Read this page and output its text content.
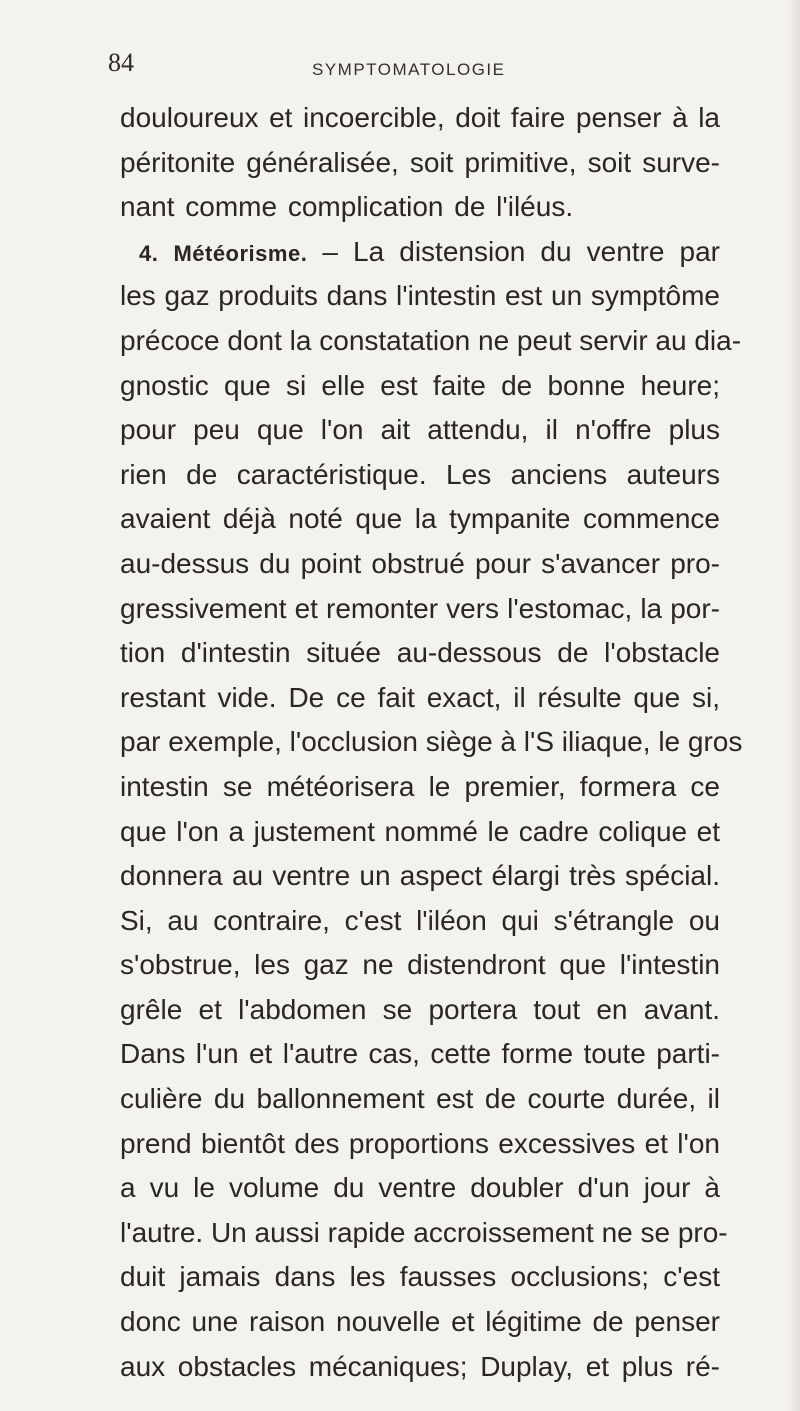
84	SYMPTOMATOLOGIE
douloureux et incoercible, doit faire penser à la
péritonite généralisée, soit primitive, soit surve-
nant comme complication de l'iléus.
4. Météorisme. – La distension du ventre par
les gaz produits dans l'intestin est un symptôme
précoce dont la constatation ne peut servir au dia-
gnostic que si elle est faite de bonne heure;
pour peu que l'on ait attendu, il n'offre plus
rien de caractéristique. Les anciens auteurs
avaient déjà noté que la tympanite commence
au-dessus du point obstrué pour s'avancer pro-
gressivement et remonter vers l'estomac, la por-
tion d'intestin située au-dessous de l'obstacle
restant vide. De ce fait exact, il résulte que si,
par exemple, l'occlusion siège à l'S iliaque, le gros
intestin se météorisera le premier, formera ce
que l'on a justement nommé le cadre colique et
donnera au ventre un aspect élargi très spécial.
Si, au contraire, c'est l'iléon qui s'étrangle ou
s'obstrue, les gaz ne distendront que l'intestin
grêle et l'abdomen se portera tout en avant.
Dans l'un et l'autre cas, cette forme toute parti-
culière du ballonnement est de courte durée, il
prend bientôt des proportions excessives et l'on
a vu le volume du ventre doubler d'un jour à
l'autre. Un aussi rapide accroissement ne se pro-
duit jamais dans les fausses occlusions; c'est
donc une raison nouvelle et légitime de penser
aux obstacles mécaniques; Duplay, et plus ré-
